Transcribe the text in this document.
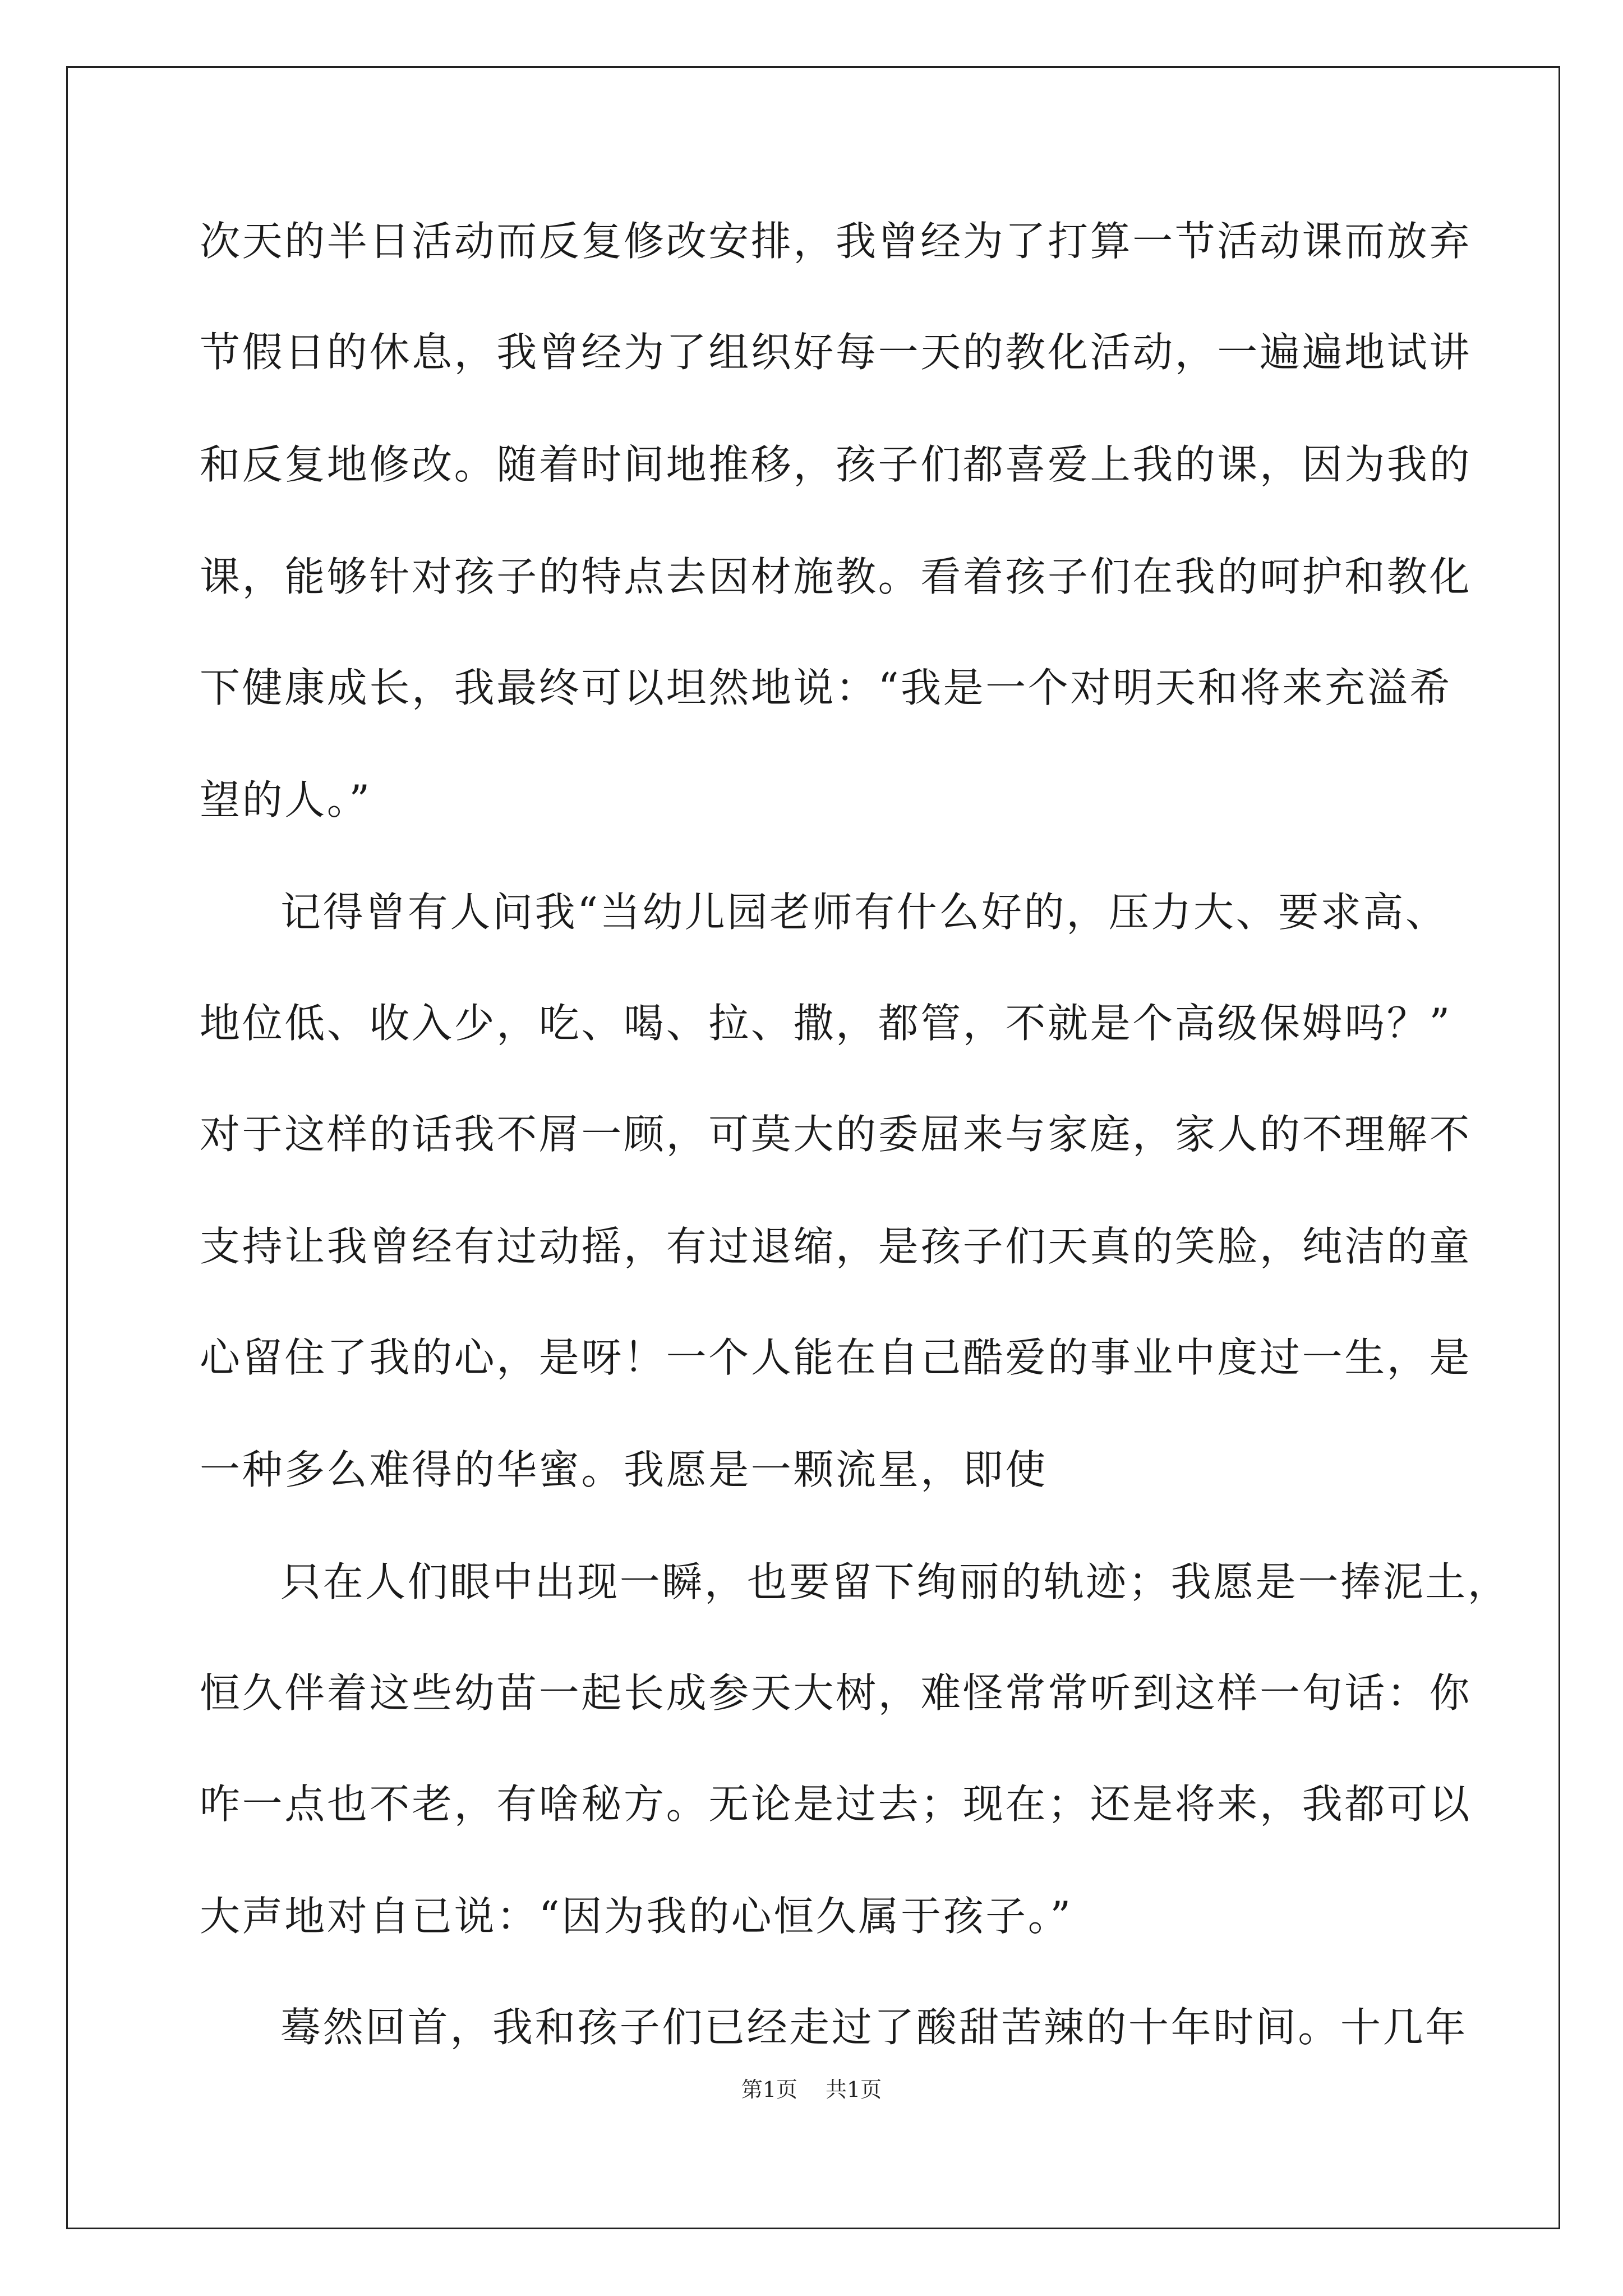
次天的半日活动而反复修改安排，我曾经为了打算一节活动课而放弃
节假日的休息，我曾经为了组织好每一天的教化活动，一遍遍地试讲
和反复地修改。随着时间地推移，孩子们都喜爱上我的课，因为我的
课，能够针对孩子的特点去因材施教。看着孩子们在我的呵护和教化
下健康成长，我最终可以坦然地说：“我是一个对明天和将来充溢希
望的人。”
记得曾有人问我“当幼儿园老师有什么好的，压力大、要求高、
地位低、收入少，吃、喝、拉、撒，都管，不就是个高级保姆吗？”
对于这样的话我不屑一顾，可莫大的委屈来与家庭，家人的不理解不
支持让我曾经有过动摇，有过退缩，是孩子们天真的笑脸，纯洁的童
心留住了我的心，是呀！一个人能在自己酷爱的事业中度过一生，是
一种多么难得的华蜜。我愿是一颗流星，即使
只在人们眼中出现一瞬，也要留下绚丽的轨迹；我愿是一捧泥土，
恒久伴着这些幼苗一起长成参天大树，难怪常常听到这样一句话：你
咋一点也不老，有啥秘方。无论是过去；现在；还是将来，我都可以
大声地对自已说：“因为我的心恒久属于孩子。”
蓦然回首，我和孩子们已经走过了酸甜苦辣的十年时间。十几年
第1页 共1页
